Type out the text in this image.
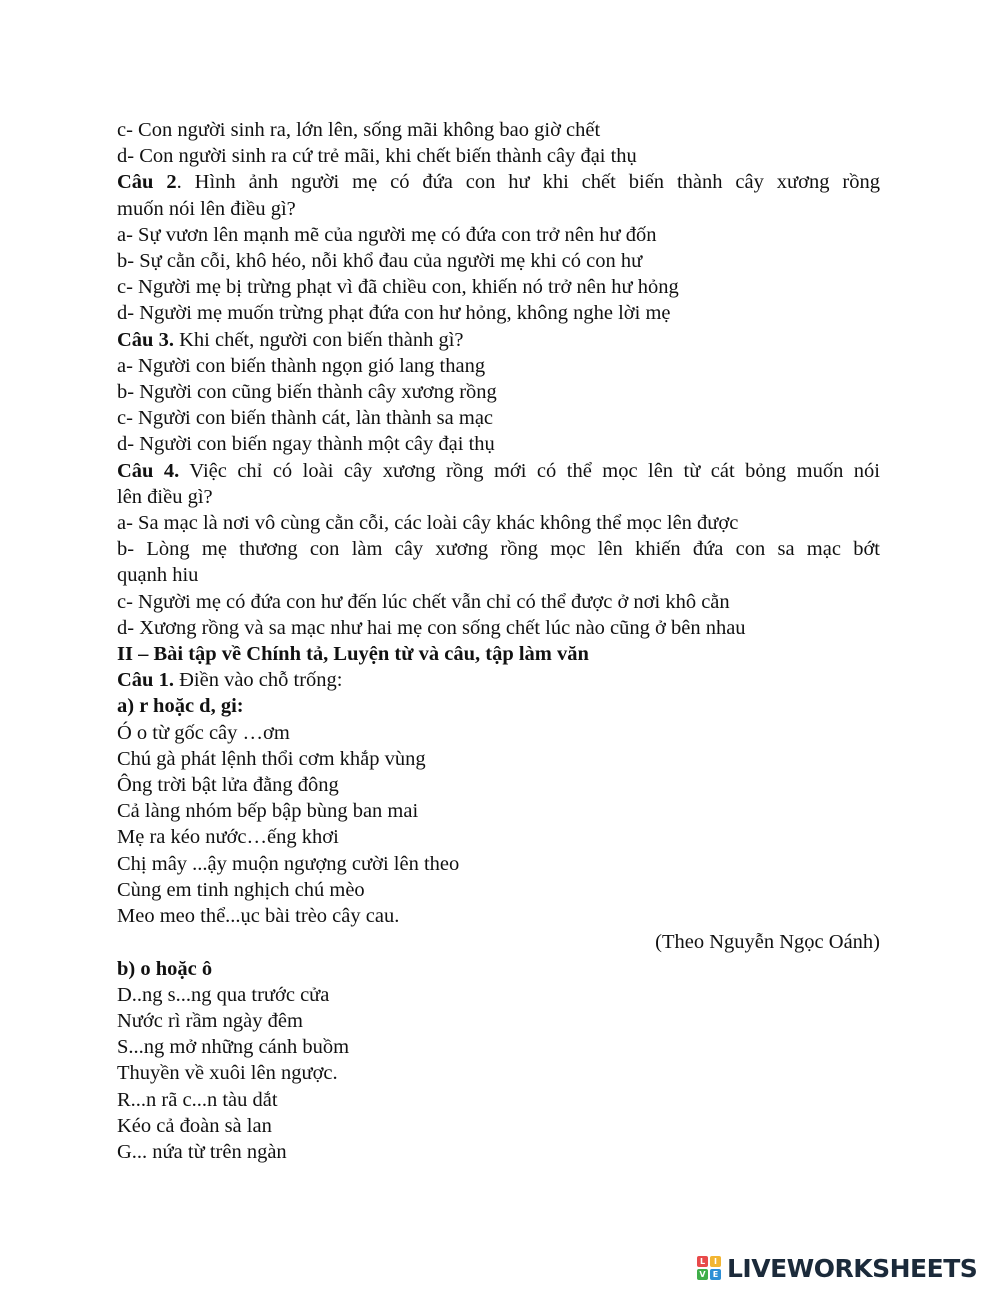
c- Con người sinh ra, lớn lên, sống mãi không bao giờ chết
d- Con người sinh ra cứ trẻ mãi, khi chết biến thành cây đại thụ
Câu 2. Hình ảnh người mẹ có đứa con hư khi chết biến thành cây xương rồng
muốn nói lên điều gì?
a- Sự vươn lên mạnh mẽ của người mẹ có đứa con trở nên hư đốn
b- Sự cằn cỗi, khô héo, nỗi khổ đau của người mẹ khi có con hư
c- Người mẹ bị trừng phạt vì đã chiều con, khiến nó trở nên hư hỏng
d- Người mẹ muốn trừng phạt đứa con hư hỏng, không nghe lời mẹ
Câu 3. Khi chết, người con biến thành gì?
a- Người con biến thành ngọn gió lang thang
b- Người con cũng biến thành cây xương rồng
c- Người con biến thành cát, làn thành sa mạc
d- Người con biến ngay thành một cây đại thụ
Câu 4. Việc chỉ có loài cây xương rồng mới có thể mọc lên từ cát bỏng muốn nói
lên điều gì?
a- Sa mạc là nơi vô cùng cằn cỗi, các loài cây khác không thể mọc lên được
b- Lòng mẹ thương con làm cây xương rồng mọc lên khiến đứa con sa mạc bớt
quạnh hiu
c- Người mẹ có đứa con hư đến lúc chết vẫn chỉ có thể được ở nơi khô cằn
d- Xương rồng và sa mạc như hai mẹ con sống chết lúc nào cũng ở bên nhau
II – Bài tập về Chính tả, Luyện từ và câu, tập làm văn
Câu 1. Điền vào chỗ trống:
a) r hoặc d, gi:
Ó o từ gốc cây …ơm
Chú gà phát lệnh thổi cơm khắp vùng
Ông trời bật lửa đằng đông
Cả làng nhóm bếp bập bùng ban mai
Mẹ ra kéo nước…ếng khơi
Chị mây ...ậy muộn ngượng cười lên theo
Cùng em tinh nghịch chú mèo
Meo meo thể...ục bài trèo cây cau.
(Theo Nguyễn Ngọc Oánh)
b) o hoặc ô
D..ng s...ng qua trước cửa
Nước rì rầm ngày đêm
S...ng mở những cánh buồm
Thuyền về xuôi lên ngược.
R...n rã c...n tàu dắt
Kéo cả đoàn sà lan
G... nứa từ trên ngàn
L	I
V E LIVEWORKSHEETS
